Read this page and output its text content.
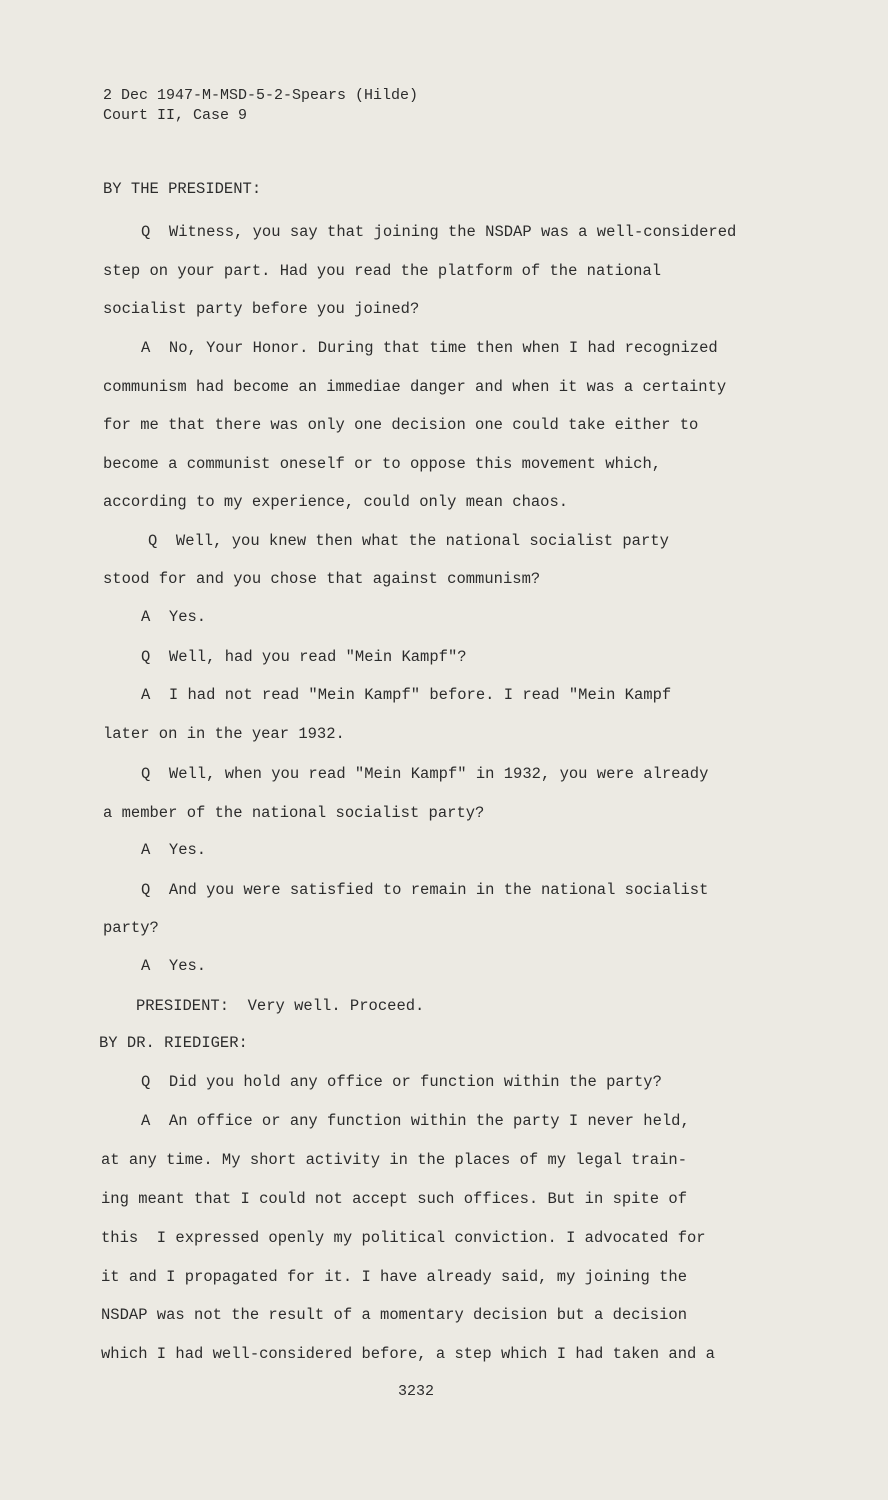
2 Dec 1947-M-MSD-5-2-Spears (Hilde)
Court II, Case 9
BY THE PRESIDENT:
Q  Witness, you say that joining the NSDAP was a well-considered
step on your part. Had you read the platform of the national
socialist party before you joined?
A  No, Your Honor. During that time then when I had recognized
communism had become an immediae danger and when it was a certainty
for me that there was only one decision one could take either to
become a communist oneself or to oppose this movement which,
according to my experience, could only mean chaos.
Q  Well, you knew then what the national socialist party
stood for and you chose that against communism?
A  Yes.
Q  Well, had you read "Mein Kampf"?
A  I had not read "Mein Kampf" before. I read "Mein Kampf
later on in the year 1932.
Q  Well, when you read "Mein Kampf" in 1932, you were already
a member of the national socialist party?
A  Yes.
Q  And you were satisfied to remain in the national socialist
party?
A  Yes.
PRESIDENT:  Very well. Proceed.
BY DR. RIEDIGER:
Q  Did you hold any office or function within the party?
A  An office or any function within the party I never held,
at any time. My short activity in the places of my legal train-
ing meant that I could not accept such offices. But in spite of
this  I expressed openly my political conviction. I advocated for
it and I propagated for it. I have already said, my joining the
NSDAP was not the result of a momentary decision but a decision
which I had well-considered before, a step which I had taken and a
3232
